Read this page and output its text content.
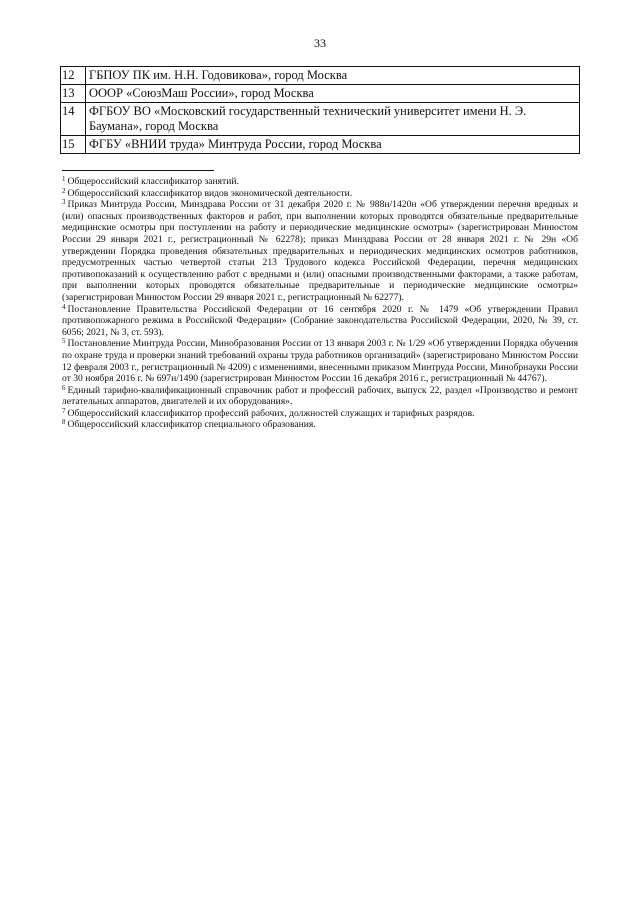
33
12	ГБПОУ ПК им. Н.Н. Годовикова», город Москва
13	ОООР «СоюзМаш России», город Москва
14	ФГБОУ ВО «Московский государственный технический университет имени Н. Э. Баумана», город Москва
15	ФГБУ «ВНИИ труда» Минтруда России, город Москва

$^1$ Общероссийский классификатор занятий.

$^2$ Общероссийский классификатор видов экономической деятельности.

$^3$ Приказ Минтруда России, Минздрава России от 31 декабря 2020 г. № 988н/1420н «Об утверждении перечня вредных и (или) опасных производственных факторов и работ, при выполнении которых проводятся обязательные предварительные медицинские осмотры при поступлении на работу и периодические медицинские осмотры» (зарегистрирован Минюстом России 29 января 2021 г., регистрационный № 62278); приказ Минздрава России от 28 января 2021 г. № 29н «Об утверждении Порядка проведения обязательных предварительных и периодических медицинских осмотров работников, предусмотренных частью четвертой статьи 213 Трудового кодекса Российской Федерации, перечня медицинских противопоказаний к осуществлению работ с вредными и (или) опасными производственными факторами, а также работам, при выполнении которых проводятся обязательные предварительные и периодические медицинские осмотры» (зарегистрирован Минюстом России 29 января 2021 г., регистрационный № 62277).

$^4$ Постановление Правительства Российской Федерации от 16 сентября 2020 г. № 1479 «Об утверждении Правил противопожарного режима в Российской Федерации» (Собрание законодательства Российской Федерации, 2020, № 39, ст. 6056; 2021, № 3, ст. 593).

$^5$ Постановление Минтруда России, Минобразования России от 13 января 2003 г. № 1/29 «Об утверждении Порядка обучения по охране труда и проверки знаний требований охраны труда работников организаций» (зарегистрировано Минюстом России 12 февраля 2003 г., регистрационный № 4209) с изменениями, внесенными приказом Минтруда России, Минобрнауки России от 30 ноября 2016 г. № 697н/1490 (зарегистрирован Минюстом России 16 декабря 2016 г., регистрационный № 44767).

$^6$ Единый тарифно-квалификационный справочник работ и профессий рабочих, выпуск 22, раздел «Производство и ремонт летательных аппаратов, двигателей и их оборудования».

$^7$ Общероссийский классификатор профессий рабочих, должностей служащих и тарифных разрядов.

$^8$ Общероссийский классификатор специального образования.
